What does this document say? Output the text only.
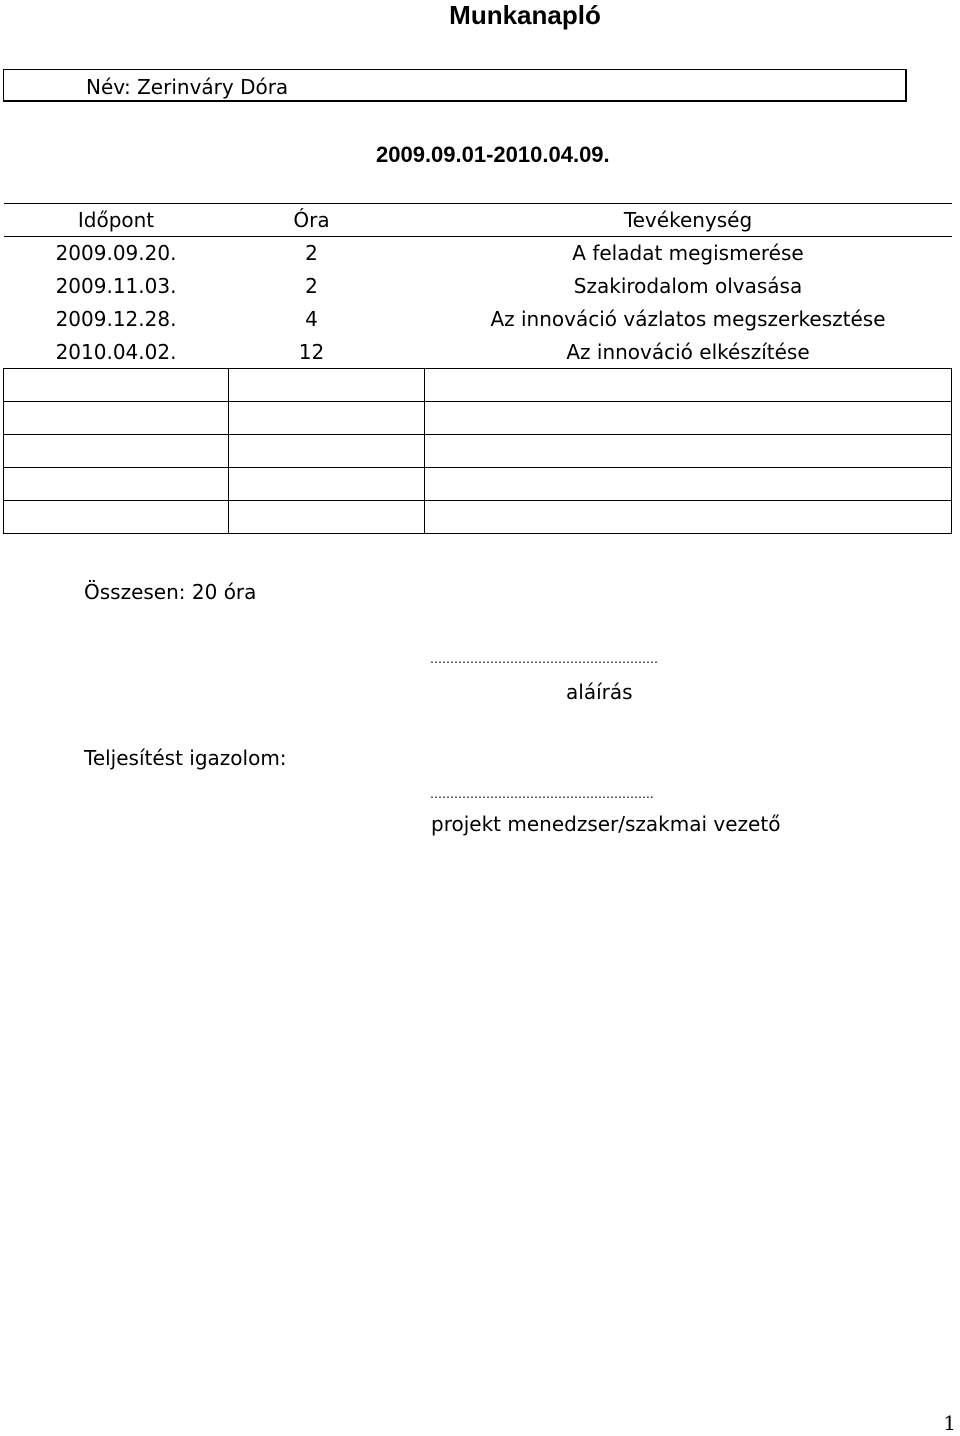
Munkanapló
Név: Zerinváry Dóra
2009.09.01-2010.04.09.
Időpont	Óra	Tevékenység
2009.09.20.	2	A feladat megismerése
2009.11.03.	2	Szakirodalom olvasása
2009.12.28.	4	Az innováció vázlatos megszerkesztése
2010.04.02.	12	Az innováció elkészítése

Összesen: 20 óra
…………………………………………………
aláírás
Teljesítést igazolom:
………………………………………………..
projekt menedzser/szakmai vezető
1
